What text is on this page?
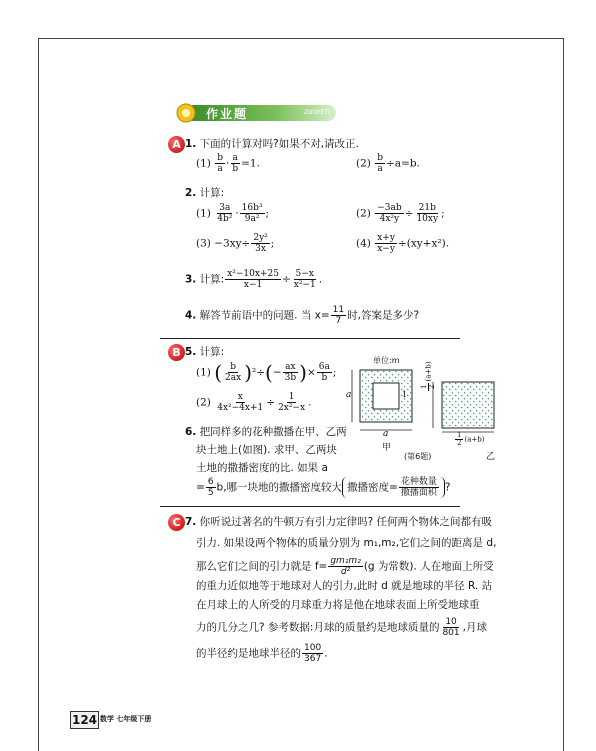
作业题	ZUOYETI
A 1. 下面的计算对吗?如果不对,请改正.
$(1) \frac{b}{a} \cdot \frac{a}{b} =1$.	$(2) \frac{b}{a} \div a=b$.
2. 计算:
$(1) \frac{3a}{\text{4b²}} \cdot \frac{\text{16b³}}{\text{9a²}}$ ;	$(2) \frac{-3ab}{\text{4x²y}} \div \frac{21b}{10xy}$ ;
$(3) -3xy\div \frac{\text{2y²}}{3x}$ ;	$(4) \frac{x+y}{x-y} \div(xy+x^2)$.
3. 计算: $\frac{\text{x²−10x+25}}{x-1} \div \frac{5-x}{\text{x²−1}}$ .
4. 解答节前语中的问题. 当 $x= \frac{11}{7}$ 时,答案是多少?
B 5. 计算:
(1) ( $\frac{b}{2ax} )^2\div(- \frac{ax}{3b}$ )× $\frac{6a}{b}$ ;
$(2) \frac{x}{\text{4x²−4x+1}} \div \frac{1}{\text{2x²−x}}$ .
6. 把同样多的花种撒播在甲、乙两
块土地上(如图). 求甲、乙两块
土地的撒播密度的比. 如果 a
= $\frac{6}{5} b$,哪一块地的撒播密度较大 撒播密度= $\frac{\text{花种数量}}{\text{撒播面积}}$ ?
单位:m
a
a
1
甲
(第6题)
1 2
(a+b)
$\frac{1}{2} (a+b)$
乙
C 7. 你听说过著名的牛顿万有引力定律吗? 任何两个物体之间都有吸
引力. 如果设两个物体的质量分别为 m₁,m₂,它们之间的距离是 d,
那么它们之间的引力就是 $f= \frac{\text{gm₁m₂}}{\text{d²}} (g$ 为常数). 人在地面上所受
的重力近似地等于地球对人的引力,此时 d 就是地球的半径 R. 站
在月球上的人所受的月球重力将是他在地球表面上所受地球重
力的几分之几? 参考数据:月球的质量约是地球质量的 $\frac{10}{801}$ ,月球
的半径约是地球半径的 $\frac{100}{367}$ .
124 数学 七年级下册
